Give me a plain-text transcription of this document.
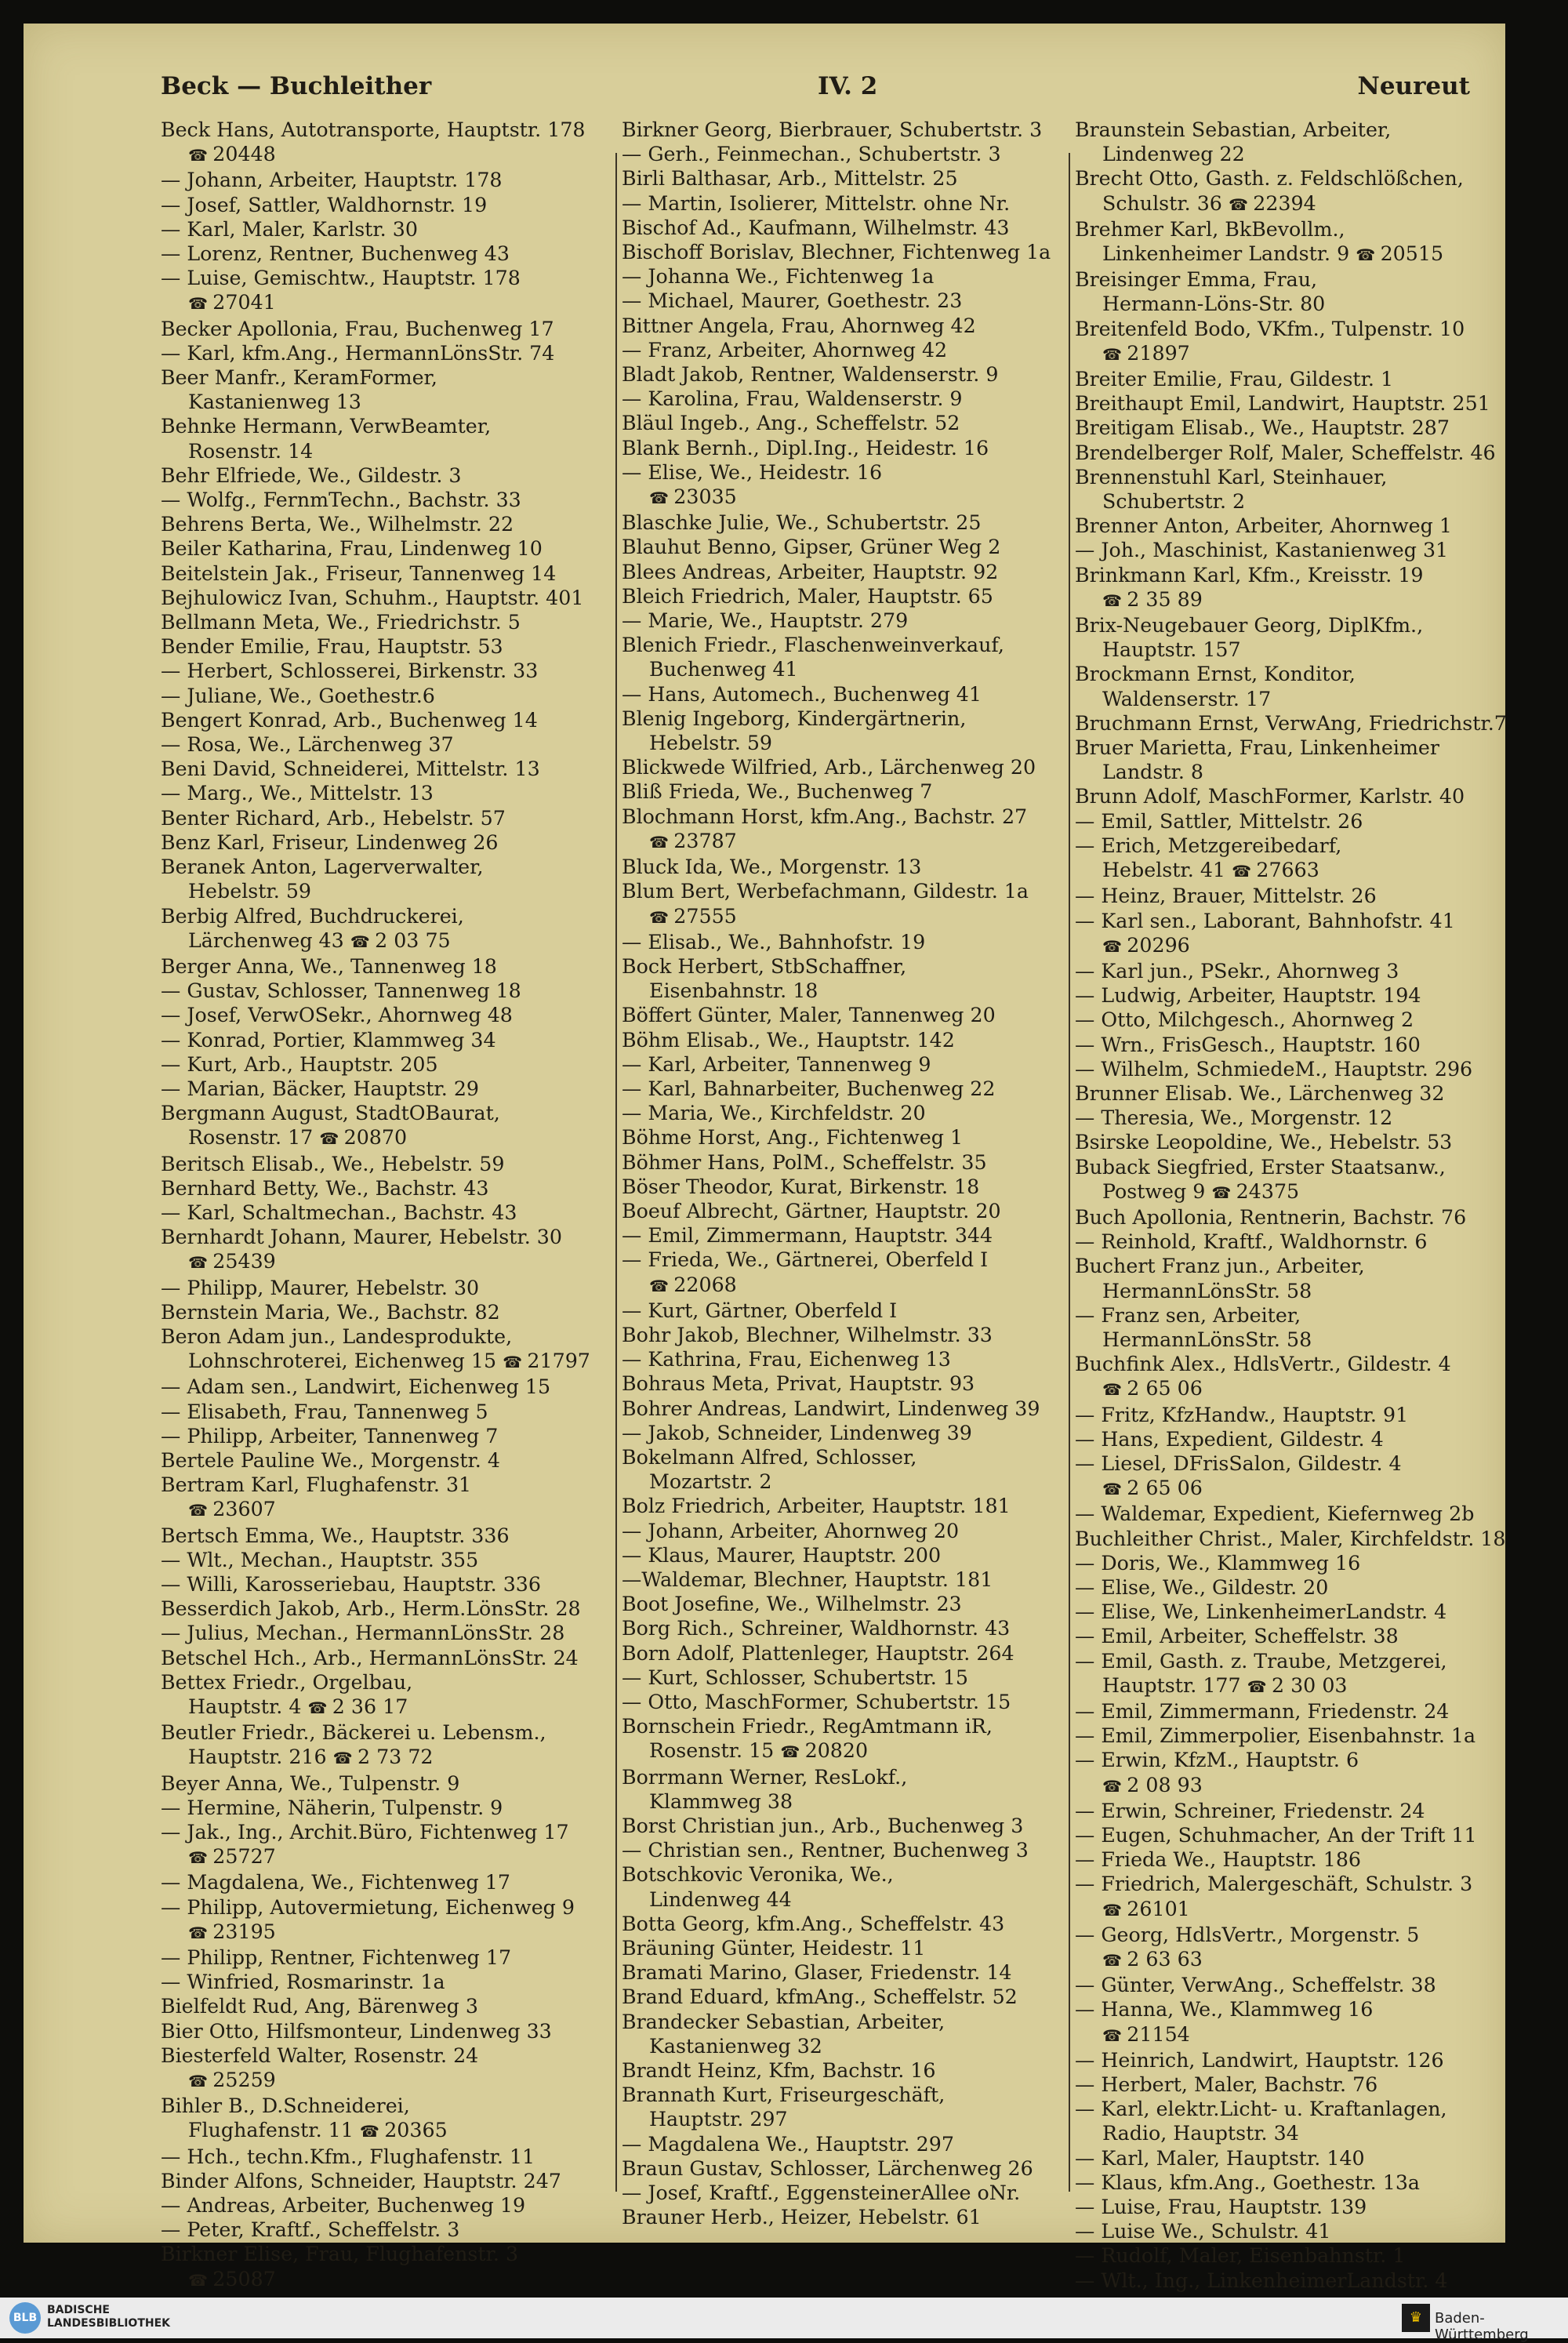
Beck — Buchleither	IV. 2	Neureut
Beck Hans, Autotransporte, Hauptstr. 178
☎ 20448
— Johann, Arbeiter, Hauptstr. 178
— Josef, Sattler, Waldhornstr. 19
— Karl, Maler, Karlstr. 30
— Lorenz, Rentner, Buchenweg 43
— Luise, Gemischtw., Hauptstr. 178
☎ 27041
Becker Apollonia, Frau, Buchenweg 17
— Karl, kfm.Ang., HermannLönsStr. 74
Beer Manfr., KeramFormer,
Kastanienweg 13
Behnke Hermann, VerwBeamter,
Rosenstr. 14
Behr Elfriede, We., Gildestr. 3
— Wolfg., FernmTechn., Bachstr. 33
Behrens Berta, We., Wilhelmstr. 22
Beiler Katharina, Frau, Lindenweg 10
Beitelstein Jak., Friseur, Tannenweg 14
Bejhulowicz Ivan, Schuhm., Hauptstr. 401
Bellmann Meta, We., Friedrichstr. 5
Bender Emilie, Frau, Hauptstr. 53
— Herbert, Schlosserei, Birkenstr. 33
— Juliane, We., Goethestr.6
Bengert Konrad, Arb., Buchenweg 14
— Rosa, We., Lärchenweg 37
Beni David, Schneiderei, Mittelstr. 13
— Marg., We., Mittelstr. 13
Benter Richard, Arb., Hebelstr. 57
Benz Karl, Friseur, Lindenweg 26
Beranek Anton, Lagerverwalter,
Hebelstr. 59
Berbig Alfred, Buchdruckerei,
Lärchenweg 43 ☎ 2 03 75
Berger Anna, We., Tannenweg 18
— Gustav, Schlosser, Tannenweg 18
— Josef, VerwOSekr., Ahornweg 48
— Konrad, Portier, Klammweg 34
— Kurt, Arb., Hauptstr. 205
— Marian, Bäcker, Hauptstr. 29
Bergmann August, StadtOBaurat,
Rosenstr. 17 ☎ 20870
Beritsch Elisab., We., Hebelstr. 59
Bernhard Betty, We., Bachstr. 43
— Karl, Schaltmechan., Bachstr. 43
Bernhardt Johann, Maurer, Hebelstr. 30
☎ 25439
— Philipp, Maurer, Hebelstr. 30
Bernstein Maria, We., Bachstr. 82
Beron Adam jun., Landesprodukte,
Lohnschroterei, Eichenweg 15 ☎ 21797
— Adam sen., Landwirt, Eichenweg 15
— Elisabeth, Frau, Tannenweg 5
— Philipp, Arbeiter, Tannenweg 7
Bertele Pauline We., Morgenstr. 4
Bertram Karl, Flughafenstr. 31
☎ 23607
Bertsch Emma, We., Hauptstr. 336
— Wlt., Mechan., Hauptstr. 355
— Willi, Karosseriebau, Hauptstr. 336
Besserdich Jakob, Arb., Herm.LönsStr. 28
— Julius, Mechan., HermannLönsStr. 28
Betschel Hch., Arb., HermannLönsStr. 24
Bettex Friedr., Orgelbau,
Hauptstr. 4 ☎ 2 36 17
Beutler Friedr., Bäckerei u. Lebensm.,
Hauptstr. 216 ☎ 2 73 72
Beyer Anna, We., Tulpenstr. 9
— Hermine, Näherin, Tulpenstr. 9
— Jak., Ing., Archit.Büro, Fichtenweg 17
☎ 25727
— Magdalena, We., Fichtenweg 17
— Philipp, Autovermietung, Eichenweg 9
☎ 23195
— Philipp, Rentner, Fichtenweg 17
— Winfried, Rosmarinstr. 1a
Bielfeldt Rud, Ang, Bärenweg 3
Bier Otto, Hilfsmonteur, Lindenweg 33
Biesterfeld Walter, Rosenstr. 24
☎ 25259
Bihler B., D.Schneiderei,
Flughafenstr. 11 ☎ 20365
— Hch., techn.Kfm., Flughafenstr. 11
Binder Alfons, Schneider, Hauptstr. 247
— Andreas, Arbeiter, Buchenweg 19
— Peter, Kraftf., Scheffelstr. 3
Birkner Elise, Frau, Flughafenstr. 3
☎ 25087
Birkner Georg, Bierbrauer, Schubertstr. 3
— Gerh., Feinmechan., Schubertstr. 3
Birli Balthasar, Arb., Mittelstr. 25
— Martin, Isolierer, Mittelstr. ohne Nr.
Bischof Ad., Kaufmann, Wilhelmstr. 43
Bischoff Borislav, Blechner, Fichtenweg 1a
— Johanna We., Fichtenweg 1a
— Michael, Maurer, Goethestr. 23
Bittner Angela, Frau, Ahornweg 42
— Franz, Arbeiter, Ahornweg 42
Bladt Jakob, Rentner, Waldenserstr. 9
— Karolina, Frau, Waldenserstr. 9
Bläul Ingeb., Ang., Scheffelstr. 52
Blank Bernh., Dipl.Ing., Heidestr. 16
— Elise, We., Heidestr. 16
☎ 23035
Blaschke Julie, We., Schubertstr. 25
Blauhut Benno, Gipser, Grüner Weg 2
Blees Andreas, Arbeiter, Hauptstr. 92
Bleich Friedrich, Maler, Hauptstr. 65
— Marie, We., Hauptstr. 279
Blenich Friedr., Flaschenweinverkauf,
Buchenweg 41
— Hans, Automech., Buchenweg 41
Blenig Ingeborg, Kindergärtnerin,
Hebelstr. 59
Blickwede Wilfried, Arb., Lärchenweg 20
Bliß Frieda, We., Buchenweg 7
Blochmann Horst, kfm.Ang., Bachstr. 27
☎ 23787
Bluck Ida, We., Morgenstr. 13
Blum Bert, Werbefachmann, Gildestr. 1a
☎ 27555
— Elisab., We., Bahnhofstr. 19
Bock Herbert, StbSchaffner,
Eisenbahnstr. 18
Böffert Günter, Maler, Tannenweg 20
Böhm Elisab., We., Hauptstr. 142
— Karl, Arbeiter, Tannenweg 9
— Karl, Bahnarbeiter, Buchenweg 22
— Maria, We., Kirchfeldstr. 20
Böhme Horst, Ang., Fichtenweg 1
Böhmer Hans, PolM., Scheffelstr. 35
Böser Theodor, Kurat, Birkenstr. 18
Boeuf Albrecht, Gärtner, Hauptstr. 20
— Emil, Zimmermann, Hauptstr. 344
— Frieda, We., Gärtnerei, Oberfeld I
☎ 22068
— Kurt, Gärtner, Oberfeld I
Bohr Jakob, Blechner, Wilhelmstr. 33
— Kathrina, Frau, Eichenweg 13
Bohraus Meta, Privat, Hauptstr. 93
Bohrer Andreas, Landwirt, Lindenweg 39
— Jakob, Schneider, Lindenweg 39
Bokelmann Alfred, Schlosser,
Mozartstr. 2
Bolz Friedrich, Arbeiter, Hauptstr. 181
— Johann, Arbeiter, Ahornweg 20
— Klaus, Maurer, Hauptstr. 200
—Waldemar, Blechner, Hauptstr. 181
Boot Josefine, We., Wilhelmstr. 23
Borg Rich., Schreiner, Waldhornstr. 43
Born Adolf, Plattenleger, Hauptstr. 264
— Kurt, Schlosser, Schubertstr. 15
— Otto, MaschFormer, Schubertstr. 15
Bornschein Friedr., RegAmtmann iR,
Rosenstr. 15 ☎ 20820
Borrmann Werner, ResLokf.,
Klammweg 38
Borst Christian jun., Arb., Buchenweg 3
— Christian sen., Rentner, Buchenweg 3
Botschkovic Veronika, We.,
Lindenweg 44
Botta Georg, kfm.Ang., Scheffelstr. 43
Bräuning Günter, Heidestr. 11
Bramati Marino, Glaser, Friedenstr. 14
Brand Eduard, kfmAng., Scheffelstr. 52
Brandecker Sebastian, Arbeiter,
Kastanienweg 32
Brandt Heinz, Kfm, Bachstr. 16
Brannath Kurt, Friseurgeschäft,
Hauptstr. 297
— Magdalena We., Hauptstr. 297
Braun Gustav, Schlosser, Lärchenweg 26
— Josef, Kraftf., EggensteinerAllee oNr.
Brauner Herb., Heizer, Hebelstr. 61
Braunstein Sebastian, Arbeiter,
Lindenweg 22
Brecht Otto, Gasth. z. Feldschlößchen,
Schulstr. 36 ☎ 22394
Brehmer Karl, BkBevollm.,
Linkenheimer Landstr. 9 ☎ 20515
Breisinger Emma, Frau,
Hermann-Löns-Str. 80
Breitenfeld Bodo, VKfm., Tulpenstr. 10
☎ 21897
Breiter Emilie, Frau, Gildestr. 1
Breithaupt Emil, Landwirt, Hauptstr. 251
Breitigam Elisab., We., Hauptstr. 287
Brendelberger Rolf, Maler, Scheffelstr. 46
Brennenstuhl Karl, Steinhauer,
Schubertstr. 2
Brenner Anton, Arbeiter, Ahornweg 1
— Joh., Maschinist, Kastanienweg 31
Brinkmann Karl, Kfm., Kreisstr. 19
☎ 2 35 89
Brix-Neugebauer Georg, DiplKfm.,
Hauptstr. 157
Brockmann Ernst, Konditor,
Waldenserstr. 17
Bruchmann Ernst, VerwAng, Friedrichstr.7
Bruer Marietta, Frau, Linkenheimer
Landstr. 8
Brunn Adolf, MaschFormer, Karlstr. 40
— Emil, Sattler, Mittelstr. 26
— Erich, Metzgereibedarf,
Hebelstr. 41 ☎ 27663
— Heinz, Brauer, Mittelstr. 26
— Karl sen., Laborant, Bahnhofstr. 41
☎ 20296
— Karl jun., PSekr., Ahornweg 3
— Ludwig, Arbeiter, Hauptstr. 194
— Otto, Milchgesch., Ahornweg 2
— Wrn., FrisGesch., Hauptstr. 160
— Wilhelm, SchmiedeM., Hauptstr. 296
Brunner Elisab. We., Lärchenweg 32
— Theresia, We., Morgenstr. 12
Bsirske Leopoldine, We., Hebelstr. 53
Buback Siegfried, Erster Staatsanw.,
Postweg 9 ☎ 24375
Buch Apollonia, Rentnerin, Bachstr. 76
— Reinhold, Kraftf., Waldhornstr. 6
Buchert Franz jun., Arbeiter,
HermannLönsStr. 58
— Franz sen, Arbeiter,
HermannLönsStr. 58
Buchfink Alex., HdlsVertr., Gildestr. 4
☎ 2 65 06
— Fritz, KfzHandw., Hauptstr. 91
— Hans, Expedient, Gildestr. 4
— Liesel, DFrisSalon, Gildestr. 4
☎ 2 65 06
— Waldemar, Expedient, Kiefernweg 2b
Buchleither Christ., Maler, Kirchfeldstr. 18
— Doris, We., Klammweg 16
— Elise, We., Gildestr. 20
— Elise, We, LinkenheimerLandstr. 4
— Emil, Arbeiter, Scheffelstr. 38
— Emil, Gasth. z. Traube, Metzgerei,
Hauptstr. 177 ☎ 2 30 03
— Emil, Zimmermann, Friedenstr. 24
— Emil, Zimmerpolier, Eisenbahnstr. 1a
— Erwin, KfzM., Hauptstr. 6
☎ 2 08 93
— Erwin, Schreiner, Friedenstr. 24
— Eugen, Schuhmacher, An der Trift 11
— Frieda We., Hauptstr. 186
— Friedrich, Malergeschäft, Schulstr. 3
☎ 26101
— Georg, HdlsVertr., Morgenstr. 5
☎ 2 63 63
— Günter, VerwAng., Scheffelstr. 38
— Hanna, We., Klammweg 16
☎ 21154
— Heinrich, Landwirt, Hauptstr. 126
— Herbert, Maler, Bachstr. 76
— Karl, elektr.Licht- u. Kraftanlagen,
Radio, Hauptstr. 34
— Karl, Maler, Hauptstr. 140
— Klaus, kfm.Ang., Goethestr. 13a
— Luise, Frau, Hauptstr. 139
— Luise We., Schulstr. 41
— Rudolf, Maler, Eisenbahnstr. 1
— Wlt., Ing., LinkenheimerLandstr. 4
BLB
BADISCHE
LANDESBIBLIOTHEK	♛ Baden-Württemberg
